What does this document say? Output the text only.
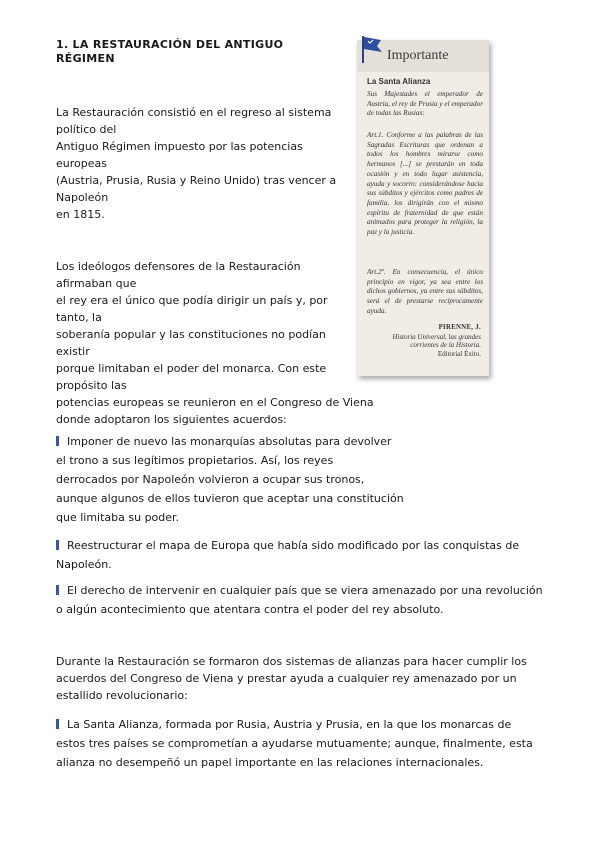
1. LA RESTAURACIÓN DEL ANTIGUO
RÉGIMEN
La Restauración consistió en el regreso al sistema
político del
Antiguo Régimen impuesto por las potencias
europeas
(Austria, Prusia, Rusia y Reino Unido) tras vencer a
Napoleón
en 1815.
Los ideólogos defensores de la Restauración
afirmaban que
el rey era el único que podía dirigir un país y, por
tanto, la
soberanía popular y las constituciones no podían
existir
porque limitaban el poder del monarca. Con este
propósito las
potencias europeas se reunieron en el Congreso de Viena
donde adoptaron los siguientes acuerdos:
Imponer de nuevo las monarquías absolutas para devolver
el trono a sus legítimos propietarios. Así, los reyes
derrocados por Napoleón volvieron a ocupar sus tronos,
aunque algunos de ellos tuvieron que aceptar una constitución
que limitaba su poder.
Reestructurar el mapa de Europa que había sido modificado por las conquistas de
Napoleón.
El derecho de intervenir en cualquier país que se viera amenazado por una revolución
o algún acontecimiento que atentara contra el poder del rey absoluto.
Durante la Restauración se formaron dos sistemas de alianzas para hacer cumplir los
acuerdos del Congreso de Viena y prestar ayuda a cualquier rey amenazado por un
estallido revolucionario:
La Santa Alianza, formada por Rusia, Austria y Prusia, en la que los monarcas de
estos tres países se comprometían a ayudarse mutuamente; aunque, finalmente, esta
alianza no desempeñó un papel importante en las relaciones internacionales.
Importante
La Santa Alianza
Sus Majestades el emperador de Austria, el rey de Prusia y el emperador de todas las Rusias:
Art.1. Conforme a las palabras de las Sagradas Escrituras que ordenan a todos los hombres mirarse como hermanos [...] se prestarán en toda ocasión y en todo lugar asistencia, ayuda y socorro: considerándose hacia sus súbditos y ejércitos como padres de familia, los dirigirán con el mismo espíritu de fraternidad de que están animados para proteger la religión, la paz y la justicia.
Art.2º. En consecuencia, el único principio en vigor, ya sea entre los dichos gobiernos, ya entre sus súbditos, será el de prestarse recíprocamente ayuda.
PIRENNE, J.
Historia Universal, las grandes
corrientes de la Historia.
Editorial Éxito.
